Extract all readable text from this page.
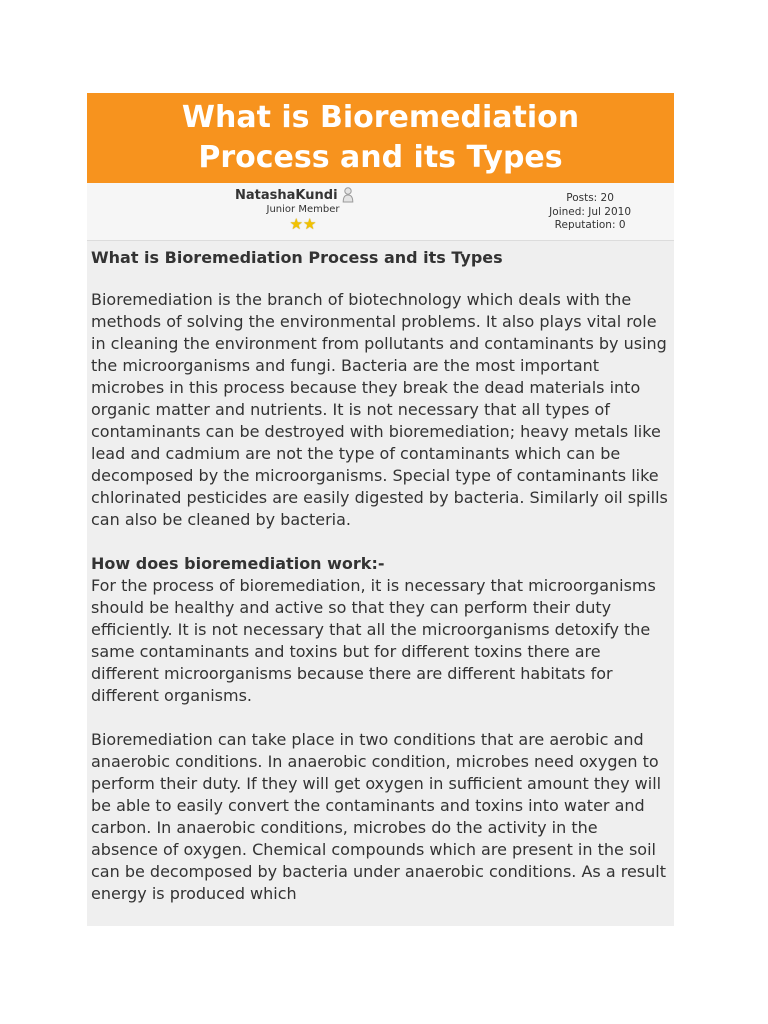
What is Bioremediation Process and its Types
NatashaKundi
Junior Member
★ ★
Posts: 20
Joined: Jul 2010
Reputation: 0
What is Bioremediation Process and its Types

Bioremediation is the branch of biotechnology which deals with the methods of solving the environmental problems. It also plays vital role in cleaning the environment from pollutants and contaminants by using the microorganisms and fungi. Bacteria are the most important microbes in this process because they break the dead materials into organic matter and nutrients. It is not necessary that all types of contaminants can be destroyed with bioremediation; heavy metals like lead and cadmium are not the type of contaminants which can be decomposed by the microorganisms. Special type of contaminants like chlorinated pesticides are easily digested by bacteria. Similarly oil spills can also be cleaned by bacteria.

How does bioremediation work:-

For the process of bioremediation, it is necessary that microorganisms should be healthy and active so that they can perform their duty efficiently. It is not necessary that all the microorganisms detoxify the same contaminants and toxins but for different toxins there are different microorganisms because there are different habitats for different organisms.

Bioremediation can take place in two conditions that are aerobic and anaerobic conditions. In anaerobic condition, microbes need oxygen to perform their duty. If they will get oxygen in sufficient amount they will be able to easily convert the contaminants and toxins into water and carbon. In anaerobic conditions, microbes do the activity in the absence of oxygen. Chemical compounds which are present in the soil can be decomposed by bacteria under anaerobic conditions. As a result energy is produced which
